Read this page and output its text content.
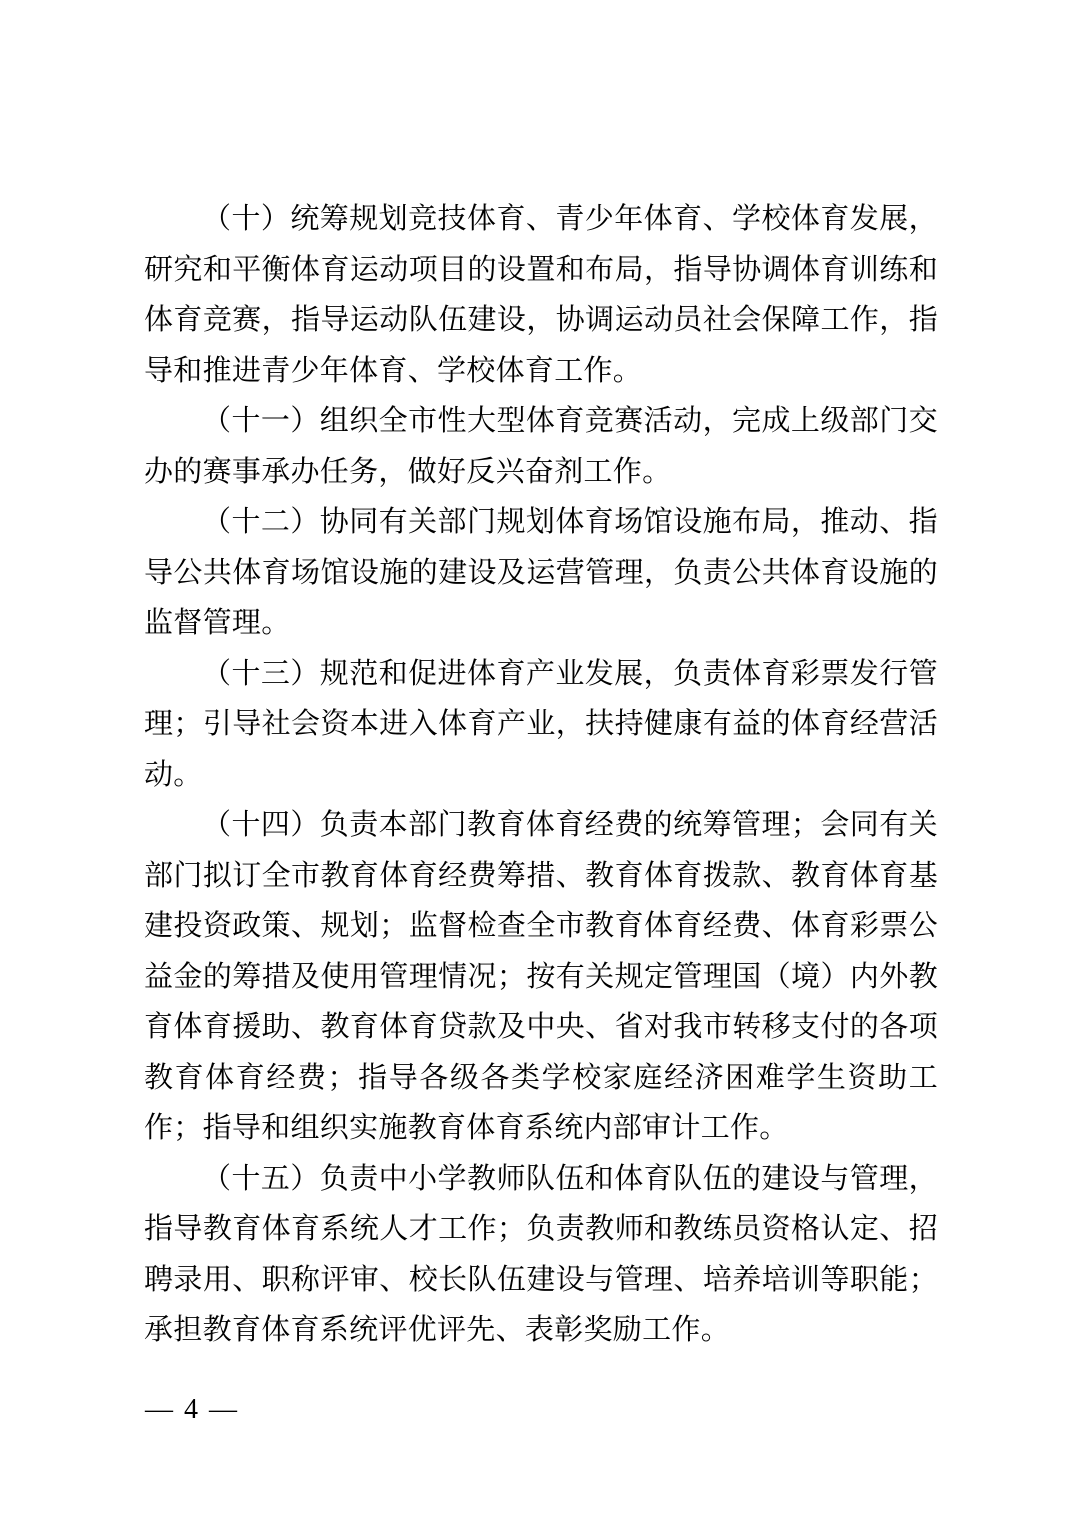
（十）统筹规划竞技体育、青少年体育、学校体育发展，研究和平衡体育运动项目的设置和布局，指导协调体育训练和体育竞赛，指导运动队伍建设，协调运动员社会保障工作，指导和推进青少年体育、学校体育工作。

（十一）组织全市性大型体育竞赛活动，完成上级部门交办的赛事承办任务，做好反兴奋剂工作。

（十二）协同有关部门规划体育场馆设施布局，推动、指导公共体育场馆设施的建设及运营管理，负责公共体育设施的监督管理。

（十三）规范和促进体育产业发展，负责体育彩票发行管理；引导社会资本进入体育产业，扶持健康有益的体育经营活动。

（十四）负责本部门教育体育经费的统筹管理；会同有关部门拟订全市教育体育经费筹措、教育体育拨款、教育体育基建投资政策、规划；监督检查全市教育体育经费、体育彩票公益金的筹措及使用管理情况；按有关规定管理国（境）内外教育体育援助、教育体育贷款及中央、省对我市转移支付的各项教育体育经费；指导各级各类学校家庭经济困难学生资助工作；指导和组织实施教育体育系统内部审计工作。

（十五）负责中小学教师队伍和体育队伍的建设与管理，指导教育体育系统人才工作；负责教师和教练员资格认定、招聘录用、职称评审、校长队伍建设与管理、培养培训等职能；承担教育体育系统评优评先、表彰奖励工作。

— 4 —
